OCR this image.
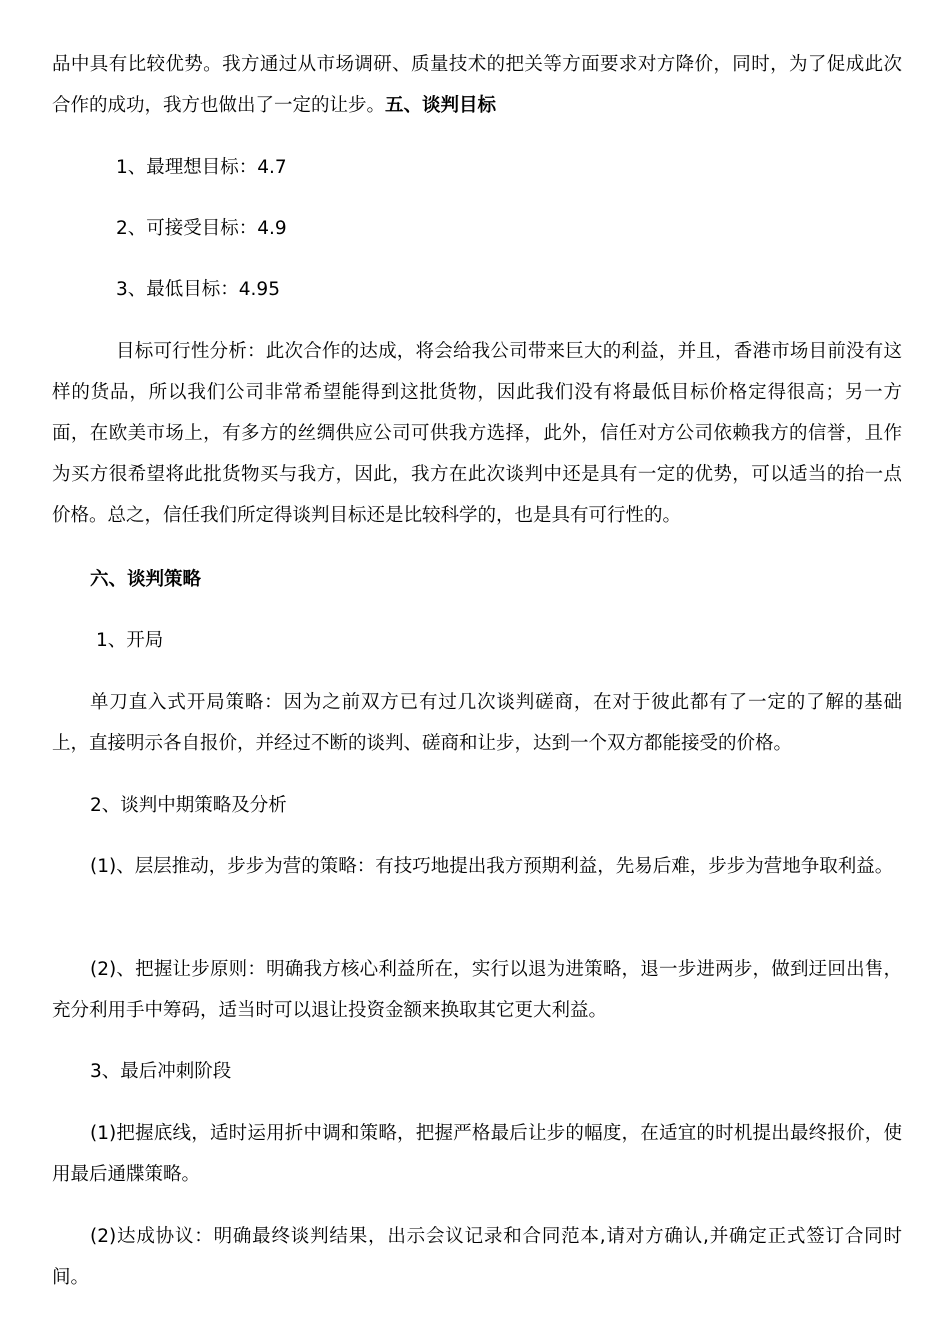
品中具有比较优势。我方通过从市场调研、质量技术的把关等方面要求对方降价，同时，为了促成此次合作的成功，我方也做出了一定的让步。五、谈判目标

1、最理想目标：4.7

2、可接受目标：4.9

3、最低目标：4.95

目标可行性分析：此次合作的达成，将会给我公司带来巨大的利益，并且，香港市场目前没有这样的货品，所以我们公司非常希望能得到这批货物，因此我们没有将最低目标价格定得很高；另一方面，在欧美市场上，有多方的丝绸供应公司可供我方选择，此外，信任对方公司依赖我方的信誉，且作为买方很希望将此批货物买与我方，因此，我方在此次谈判中还是具有一定的优势，可以适当的抬一点价格。总之，信任我们所定得谈判目标还是比较科学的，也是具有可行性的。

六、谈判策略

1、开局

单刀直入式开局策略：因为之前双方已有过几次谈判磋商，在对于彼此都有了一定的了解的基础上，直接明示各自报价，并经过不断的谈判、磋商和让步，达到一个双方都能接受的价格。

2、谈判中期策略及分析

(1)、层层推动，步步为营的策略：有技巧地提出我方预期利益，先易后难，步步为营地争取利益。

(2)、把握让步原则：明确我方核心利益所在，实行以退为进策略，退一步进两步，做到迂回出售，充分利用手中筹码，适当时可以退让投资金额来换取其它更大利益。

3、最后冲刺阶段

(1)把握底线，适时运用折中调和策略，把握严格最后让步的幅度，在适宜的时机提出最终报价，使用最后通牒策略。

(2)达成协议：明确最终谈判结果，出示会议记录和合同范本,请对方确认,并确定正式签订合同时间。
